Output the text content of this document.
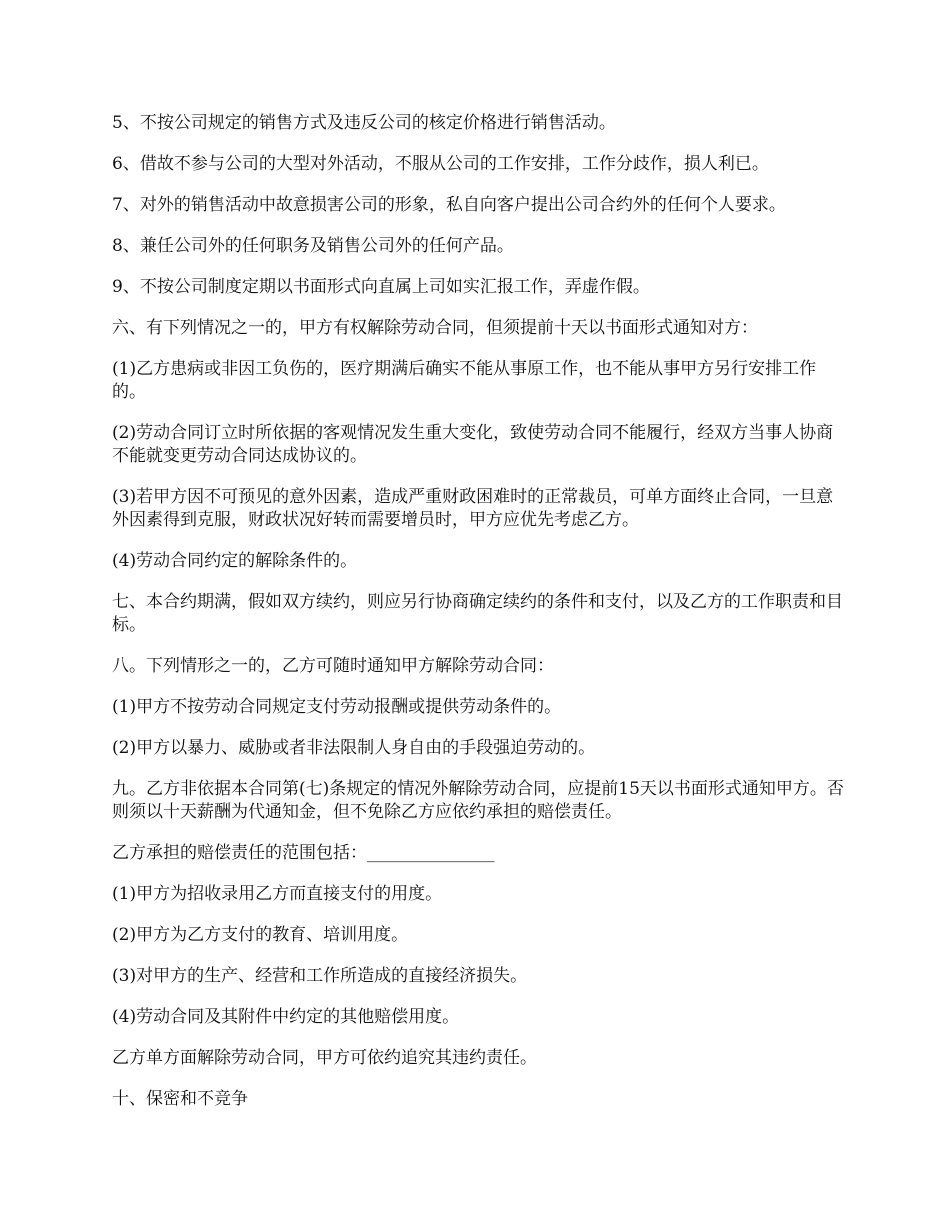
5、不按公司规定的销售方式及违反公司的核定价格进行销售活动。

6、借故不参与公司的大型对外活动，不服从公司的工作安排，工作分歧作，损人利已。

7、对外的销售活动中故意损害公司的形象，私自向客户提出公司合约外的任何个人要求。

8、兼任公司外的任何职务及销售公司外的任何产品。

9、不按公司制度定期以书面形式向直属上司如实汇报工作，弄虚作假。

六、有下列情况之一的，甲方有权解除劳动合同，但须提前十天以书面形式通知对方：

(1)乙方患病或非因工负伤的，医疗期满后确实不能从事原工作，也不能从事甲方另行安排工作的。

(2)劳动合同订立时所依据的客观情况发生重大变化，致使劳动合同不能履行，经双方当事人协商不能就变更劳动合同达成协议的。

(3)若甲方因不可预见的意外因素，造成严重财政困难时的正常裁员，可单方面终止合同，一旦意外因素得到克服，财政状况好转而需要增员时，甲方应优先考虑乙方。

(4)劳动合同约定的解除条件的。

七、本合约期满，假如双方续约，则应另行协商确定续约的条件和支付，以及乙方的工作职责和目标。

八。下列情形之一的，乙方可随时通知甲方解除劳动合同：

(1)甲方不按劳动合同规定支付劳动报酬或提供劳动条件的。

(2)甲方以暴力、威胁或者非法限制人身自由的手段强迫劳动的。

九。乙方非依据本合同第(七)条规定的情况外解除劳动合同，应提前15天以书面形式通知甲方。否则须以十天薪酬为代通知金，但不免除乙方应依约承担的赔偿责任。

乙方承担的赔偿责任的范围包括：_______________

(1)甲方为招收录用乙方而直接支付的用度。

(2)甲方为乙方支付的教育、培训用度。

(3)对甲方的生产、经营和工作所造成的直接经济损失。

(4)劳动合同及其附件中约定的其他赔偿用度。

乙方单方面解除劳动合同，甲方可依约追究其违约责任。

十、保密和不竞争
